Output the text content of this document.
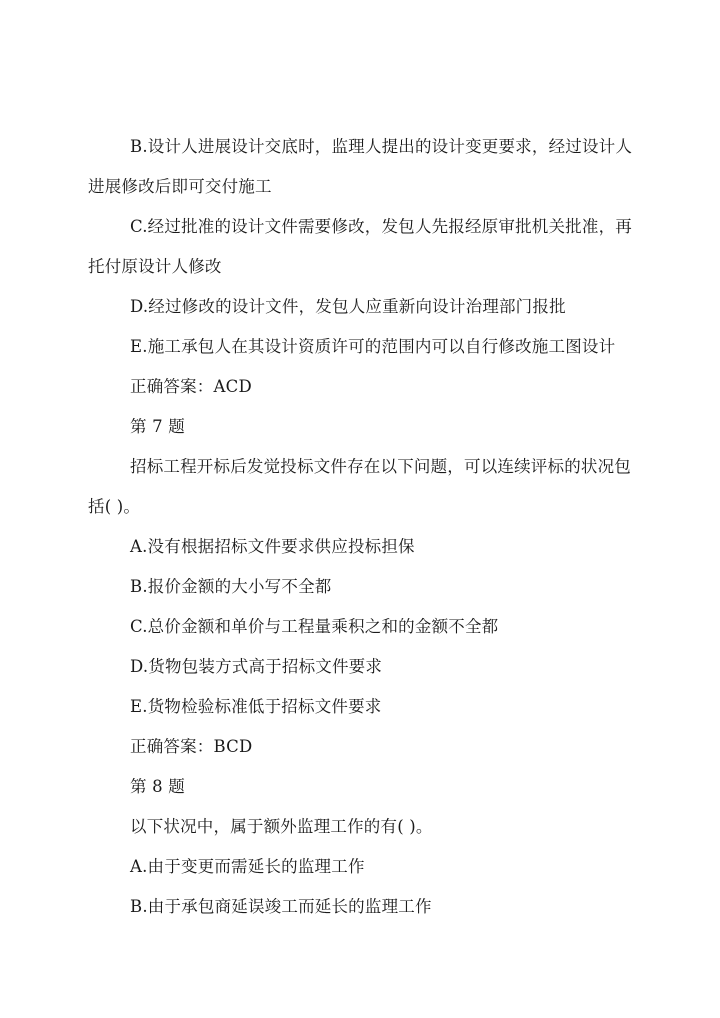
B.设计人进展设计交底时，监理人提出的设计变更要求，经过设计人
进展修改后即可交付施工
C.经过批准的设计文件需要修改，发包人先报经原审批机关批准，再
托付原设计人修改
D.经过修改的设计文件，发包人应重新向设计治理部门报批
E.施工承包人在其设计资质许可的范围内可以自行修改施工图设计
正确答案：ACD
第 7 题
招标工程开标后发觉投标文件存在以下问题，可以连续评标的状况包
括( )。
A.没有根据招标文件要求供应投标担保
B.报价金额的大小写不全都
C.总价金额和单价与工程量乘积之和的金额不全都
D.货物包装方式高于招标文件要求
E.货物检验标准低于招标文件要求
正确答案：BCD
第 8 题
以下状况中，属于额外监理工作的有( )。
A.由于变更而需延长的监理工作
B.由于承包商延误竣工而延长的监理工作
